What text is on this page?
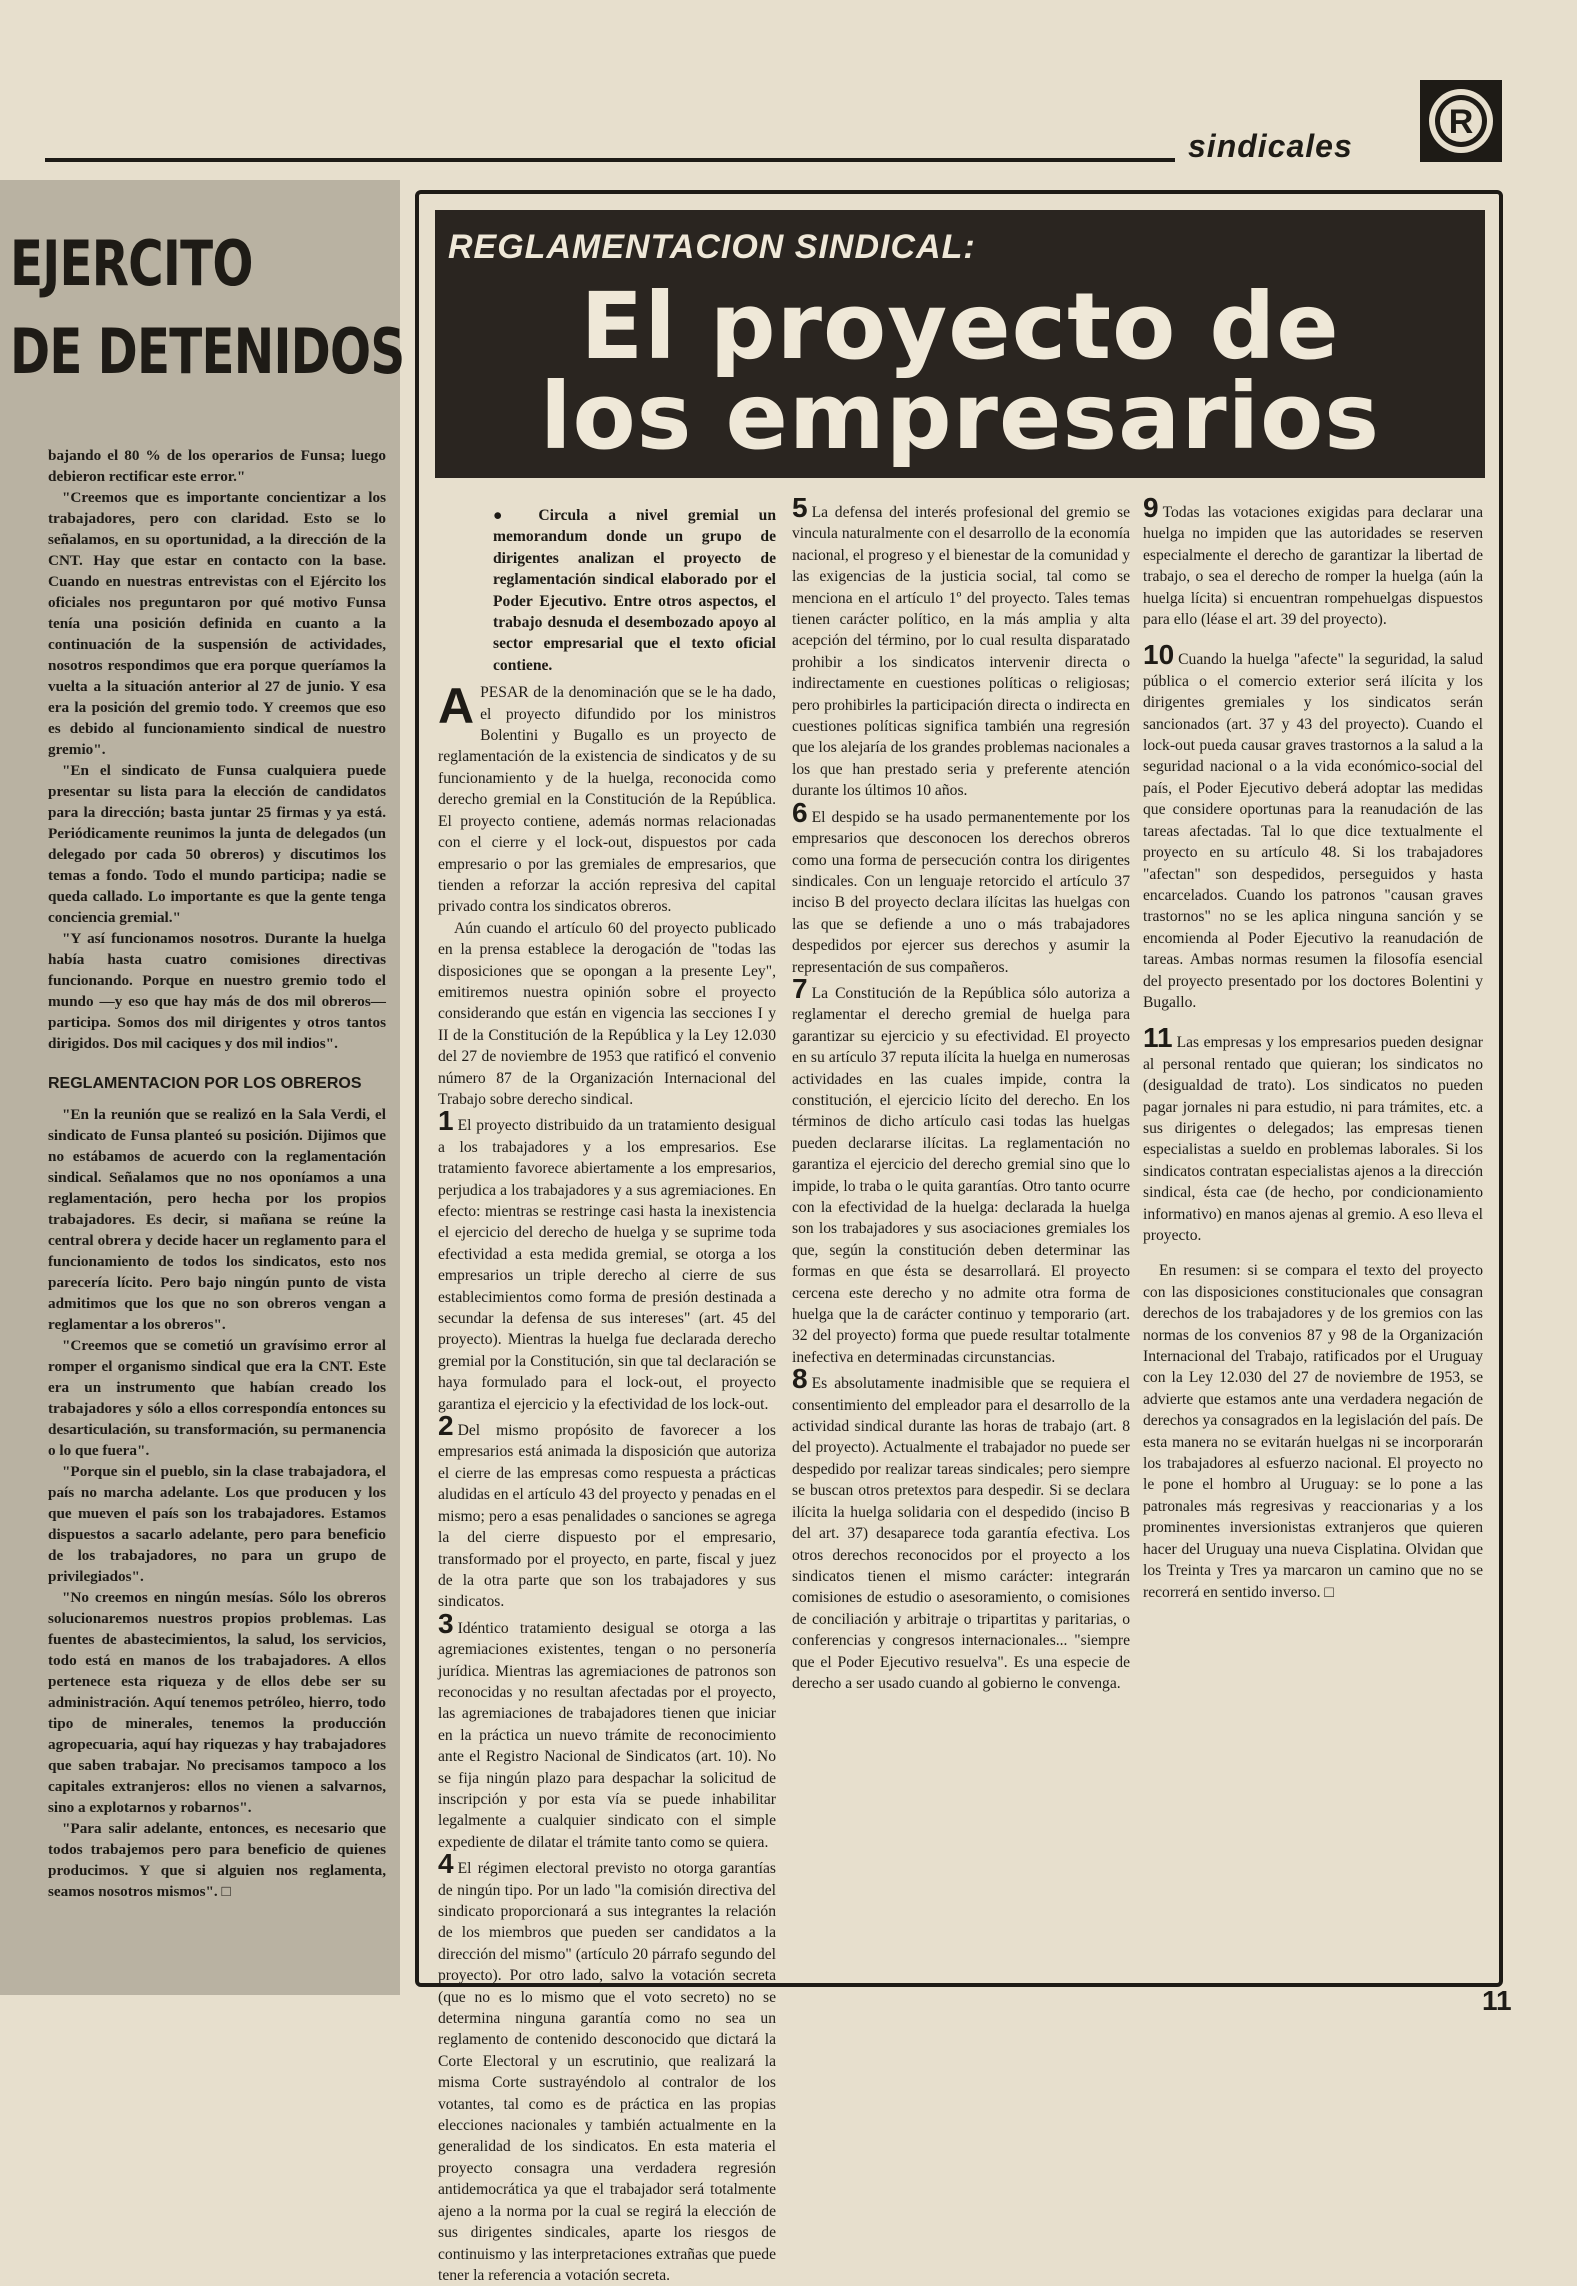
sindicales
R
EJERCITO
DE DETENIDOS

bajando el 80 % de los operarios de Funsa; luego debieron rectificar este error."

"Creemos que es importante concientizar a los trabajadores, pero con claridad. Esto se lo señalamos, en su oportunidad, a la dirección de la CNT. Hay que estar en contacto con la base. Cuando en nuestras entrevistas con el Ejército los oficiales nos preguntaron por qué motivo Funsa tenía una posición definida en cuanto a la continuación de la suspensión de actividades, nosotros respondimos que era porque queríamos la vuelta a la situación anterior al 27 de junio. Y esa era la posición del gremio todo. Y creemos que eso es debido al funcionamiento sindical de nuestro gremio".

"En el sindicato de Funsa cualquiera puede presentar su lista para la elección de candidatos para la dirección; basta juntar 25 firmas y ya está. Periódicamente reunimos la junta de delegados (un delegado por cada 50 obreros) y discutimos los temas a fondo. Todo el mundo participa; nadie se queda callado. Lo importante es que la gente tenga conciencia gremial."

"Y así funcionamos nosotros. Durante la huelga había hasta cuatro comisiones directivas funcionando. Porque en nuestro gremio todo el mundo —y eso que hay más de dos mil obreros— participa. Somos dos mil dirigentes y otros tantos dirigidos. Dos mil caciques y dos mil indios".

REGLAMENTACION POR LOS OBREROS

"En la reunión que se realizó en la Sala Verdi, el sindicato de Funsa planteó su posición. Dijimos que no estábamos de acuerdo con la reglamentación sindical. Señalamos que no nos oponíamos a una reglamentación, pero hecha por los propios trabajadores. Es decir, si mañana se reúne la central obrera y decide hacer un reglamento para el funcionamiento de todos los sindicatos, esto nos parecería lícito. Pero bajo ningún punto de vista admitimos que los que no son obreros vengan a reglamentar a los obreros".

"Creemos que se cometió un gravísimo error al romper el organismo sindical que era la CNT. Este era un instrumento que habían creado los trabajadores y sólo a ellos correspondía entonces su desarticulación, su transformación, su permanencia o lo que fuera".

"Porque sin el pueblo, sin la clase trabajadora, el país no marcha adelante. Los que producen y los que mueven el país son los trabajadores. Estamos dispuestos a sacarlo adelante, pero para beneficio de los trabajadores, no para un grupo de privilegiados".

"No creemos en ningún mesías. Sólo los obreros solucionaremos nuestros propios problemas. Las fuentes de abastecimientos, la salud, los servicios, todo está en manos de los trabajadores. A ellos pertenece esta riqueza y de ellos debe ser su administración. Aquí tenemos petróleo, hierro, todo tipo de minerales, tenemos la producción agropecuaria, aquí hay riquezas y hay trabajadores que saben trabajar. No precisamos tampoco a los capitales extranjeros: ellos no vienen a salvarnos, sino a explotarnos y robarnos".

"Para salir adelante, entonces, es necesario que todos trabajemos pero para beneficio de quienes producimos. Y que si alguien nos reglamenta, seamos nosotros mismos". □

REGLAMENTACION SINDICAL:
El proyecto de
los empresarios

● Circula a nivel gremial un memorandum donde un grupo de dirigentes analizan el proyecto de reglamentación sindical elaborado por el Poder Ejecutivo. Entre otros aspectos, el trabajo desnuda el desembozado apoyo al sector empresarial que el texto oficial contiene.

APESAR de la denominación que se le ha dado, el proyecto difundido por los ministros Bolentini y Bugallo es un proyecto de reglamentación de la existencia de sindicatos y de su funcionamiento y de la huelga, reconocida como derecho gremial en la Constitución de la República. El proyecto contiene, además normas relacionadas con el cierre y el lock-out, dispuestos por cada empresario o por las gremiales de empresarios, que tienden a reforzar la acción represiva del capital privado contra los sindicatos obreros.

Aún cuando el artículo 60 del proyecto publicado en la prensa establece la derogación de "todas las disposiciones que se opongan a la presente Ley", emitiremos nuestra opinión sobre el proyecto considerando que están en vigencia las secciones I y II de la Constitución de la República y la Ley 12.030 del 27 de noviembre de 1953 que ratificó el convenio número 87 de la Organización Internacional del Trabajo sobre derecho sindical.

1 El proyecto distribuido da un tratamiento desigual a los trabajadores y a los empresarios. Ese tratamiento favorece abiertamente a los empresarios, perjudica a los trabajadores y a sus agremiaciones. En efecto: mientras se restringe casi hasta la inexistencia el ejercicio del derecho de huelga y se suprime toda efectividad a esta medida gremial, se otorga a los empresarios un triple derecho al cierre de sus establecimientos como forma de presión destinada a secundar la defensa de sus intereses" (art. 45 del proyecto). Mientras la huelga fue declarada derecho gremial por la Constitución, sin que tal declaración se haya formulado para el lock-out, el proyecto garantiza el ejercicio y la efectividad de los lock-out.

2 Del mismo propósito de favorecer a los empresarios está animada la disposición que autoriza el cierre de las empresas como respuesta a prácticas aludidas en el artículo 43 del proyecto y penadas en el mismo; pero a esas penalidades o sanciones se agrega la del cierre dispuesto por el empresario, transformado por el proyecto, en parte, fiscal y juez de la otra parte que son los trabajadores y sus sindicatos.

3 Idéntico tratamiento desigual se otorga a las agremiaciones existentes, tengan o no personería jurídica. Mientras las agremiaciones de patronos son reconocidas y no resultan afectadas por el proyecto, las agremiaciones de trabajadores tienen que iniciar en la práctica un nuevo trámite de reconocimiento ante el Registro Nacional de Sindicatos (art. 10). No se fija ningún plazo para despachar la solicitud de inscripción y por esta vía se puede inhabilitar legalmente a cualquier sindicato con el simple expediente de dilatar el trámite tanto como se quiera.

4 El régimen electoral previsto no otorga garantías de ningún tipo. Por un lado "la comisión directiva del sindicato proporcionará a sus integrantes la relación de los miembros que pueden ser candidatos a la dirección del mismo" (artículo 20 párrafo segundo del proyecto). Por otro lado, salvo la votación secreta (que no es lo mismo que el voto secreto) no se determina ninguna garantía como no sea un reglamento de contenido desconocido que dictará la Corte Electoral y un escrutinio, que realizará la misma Corte sustrayéndolo al contralor de los votantes, tal como es de práctica en las propias elecciones nacionales y también actualmente en la generalidad de los sindicatos. En esta materia el proyecto consagra una verdadera regresión antidemocrática ya que el trabajador será totalmente ajeno a la norma por la cual se regirá la elección de sus dirigentes sindicales, aparte los riesgos de continuismo y las interpretaciones extrañas que puede tener la referencia a votación secreta.

5 La defensa del interés profesional del gremio se vincula naturalmente con el desarrollo de la economía nacional, el progreso y el bienestar de la comunidad y las exigencias de la justicia social, tal como se menciona en el artículo 1º del proyecto. Tales temas tienen carácter político, en la más amplia y alta acepción del término, por lo cual resulta disparatado prohibir a los sindicatos intervenir directa o indirectamente en cuestiones políticas o religiosas; pero prohibirles la participación directa o indirecta en cuestiones políticas significa también una regresión que los alejaría de los grandes problemas nacionales a los que han prestado seria y preferente atención durante los últimos 10 años.

6 El despido se ha usado permanentemente por los empresarios que desconocen los derechos obreros como una forma de persecución contra los dirigentes sindicales. Con un lenguaje retorcido el artículo 37 inciso B del proyecto declara ilícitas las huelgas con las que se defiende a uno o más trabajadores despedidos por ejercer sus derechos y asumir la representación de sus compañeros.

7 La Constitución de la República sólo autoriza a reglamentar el derecho gremial de huelga para garantizar su ejercicio y su efectividad. El proyecto en su artículo 37 reputa ilícita la huelga en numerosas actividades en las cuales impide, contra la constitución, el ejercicio lícito del derecho. En los términos de dicho artículo casi todas las huelgas pueden declararse ilícitas. La reglamentación no garantiza el ejercicio del derecho gremial sino que lo impide, lo traba o le quita garantías. Otro tanto ocurre con la efectividad de la huelga: declarada la huelga son los trabajadores y sus asociaciones gremiales los que, según la constitución deben determinar las formas en que ésta se desarrollará. El proyecto cercena este derecho y no admite otra forma de huelga que la de carácter continuo y temporario (art. 32 del proyecto) forma que puede resultar totalmente inefectiva en determinadas circunstancias.

8 Es absolutamente inadmisible que se requiera el consentimiento del empleador para el desarrollo de la actividad sindical durante las horas de trabajo (art. 8 del proyecto). Actualmente el trabajador no puede ser despedido por realizar tareas sindicales; pero siempre se buscan otros pretextos para despedir. Si se declara ilícita la huelga solidaria con el despedido (inciso B del art. 37) desaparece toda garantía efectiva. Los otros derechos reconocidos por el proyecto a los sindicatos tienen el mismo carácter: integrarán comisiones de estudio o asesoramiento, o comisiones de conciliación y arbitraje o tripartitas y paritarias, o conferencias y congresos internacionales... "siempre que el Poder Ejecutivo resuelva". Es una especie de derecho a ser usado cuando al gobierno le convenga.

9 Todas las votaciones exigidas para declarar una huelga no impiden que las autoridades se reserven especialmente el derecho de garantizar la libertad de trabajo, o sea el derecho de romper la huelga (aún la huelga lícita) si encuentran rompehuelgas dispuestos para ello (léase el art. 39 del proyecto).

10 Cuando la huelga "afecte" la seguridad, la salud pública o el comercio exterior será ilícita y los dirigentes gremiales y los sindicatos serán sancionados (art. 37 y 43 del proyecto). Cuando el lock-out pueda causar graves trastornos a la salud a la seguridad nacional o a la vida económico-social del país, el Poder Ejecutivo deberá adoptar las medidas que considere oportunas para la reanudación de las tareas afectadas. Tal lo que dice textualmente el proyecto en su artículo 48. Si los trabajadores "afectan" son despedidos, perseguidos y hasta encarcelados. Cuando los patronos "causan graves trastornos" no se les aplica ninguna sanción y se encomienda al Poder Ejecutivo la reanudación de tareas. Ambas normas resumen la filosofía esencial del proyecto presentado por los doctores Bolentini y Bugallo.

11 Las empresas y los empresarios pueden designar al personal rentado que quieran; los sindicatos no (desigualdad de trato). Los sindicatos no pueden pagar jornales ni para estudio, ni para trámites, etc. a sus dirigentes o delegados; las empresas tienen especialistas a sueldo en problemas laborales. Si los sindicatos contratan especialistas ajenos a la dirección sindical, ésta cae (de hecho, por condicionamiento informativo) en manos ajenas al gremio. A eso lleva el proyecto.

En resumen: si se compara el texto del proyecto con las disposiciones constitucionales que consagran derechos de los trabajadores y de los gremios con las normas de los convenios 87 y 98 de la Organización Internacional del Trabajo, ratificados por el Uruguay con la Ley 12.030 del 27 de noviembre de 1953, se advierte que estamos ante una verdadera negación de derechos ya consagrados en la legislación del país. De esta manera no se evitarán huelgas ni se incorporarán los trabajadores al esfuerzo nacional. El proyecto no le pone el hombro al Uruguay: se lo pone a las patronales más regresivas y reaccionarias y a los prominentes inversionistas extranjeros que quieren hacer del Uruguay una nueva Cisplatina. Olvidan que los Treinta y Tres ya marcaron un camino que no se recorrerá en sentido inverso. □

11
